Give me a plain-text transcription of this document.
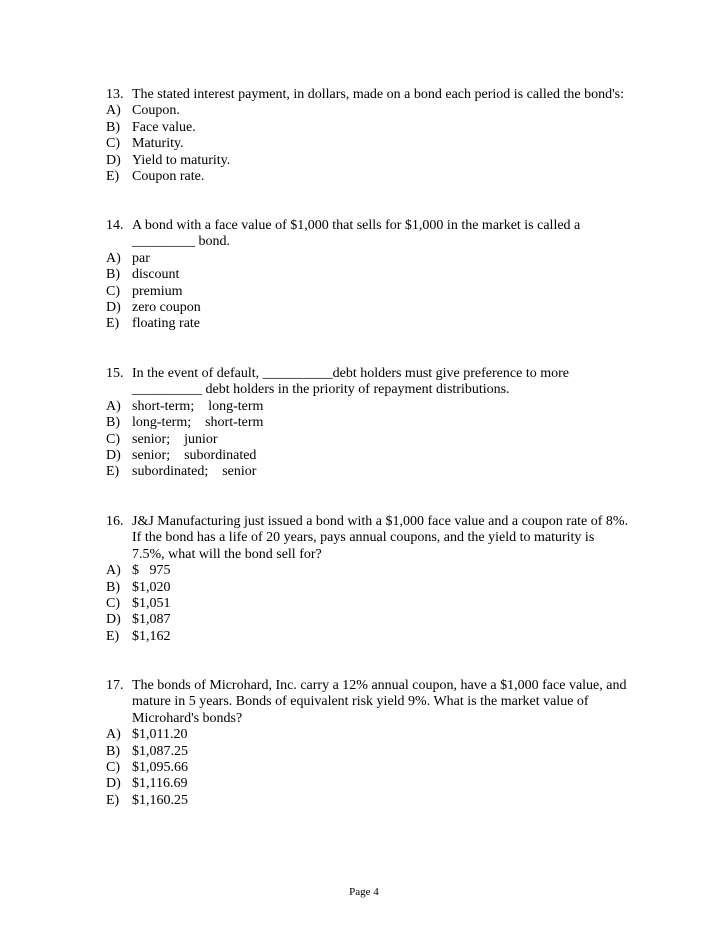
13.

The stated interest payment, in dollars, made on a bond each period is called the bond's:

A)

Coupon.

B)

Face value.

C)

Maturity.

D)

Yield to maturity.

E)

Coupon rate.

14.

A bond with a face value of $1,000 that sells for $1,000 in the market is called a

_________ bond.

A)

par

B)

discount

C)

premium

D)

zero coupon

E)

floating rate

15.

In the event of default, __________debt holders must give preference to more

__________ debt holders in the priority of repayment distributions.

A)

short-term;    long-term

B)

long-term;    short-term

C)

senior;    junior

D)

senior;    subordinated

E)

subordinated;    senior

16.

J&J Manufacturing just issued a bond with a $1,000 face value and a coupon rate of 8%.

If the bond has a life of 20 years, pays annual coupons, and the yield to maturity is

7.5%, what will the bond sell for?

A)

$   975

B)

$1,020

C)

$1,051

D)

$1,087

E)

$1,162

17.

The bonds of Microhard, Inc. carry a 12% annual coupon, have a $1,000 face value, and

mature in 5 years. Bonds of equivalent risk yield 9%. What is the market value of

Microhard's bonds?

A)

$1,011.20

B)

$1,087.25

C)

$1,095.66

D)

$1,116.69

E)

$1,160.25

Page 4
